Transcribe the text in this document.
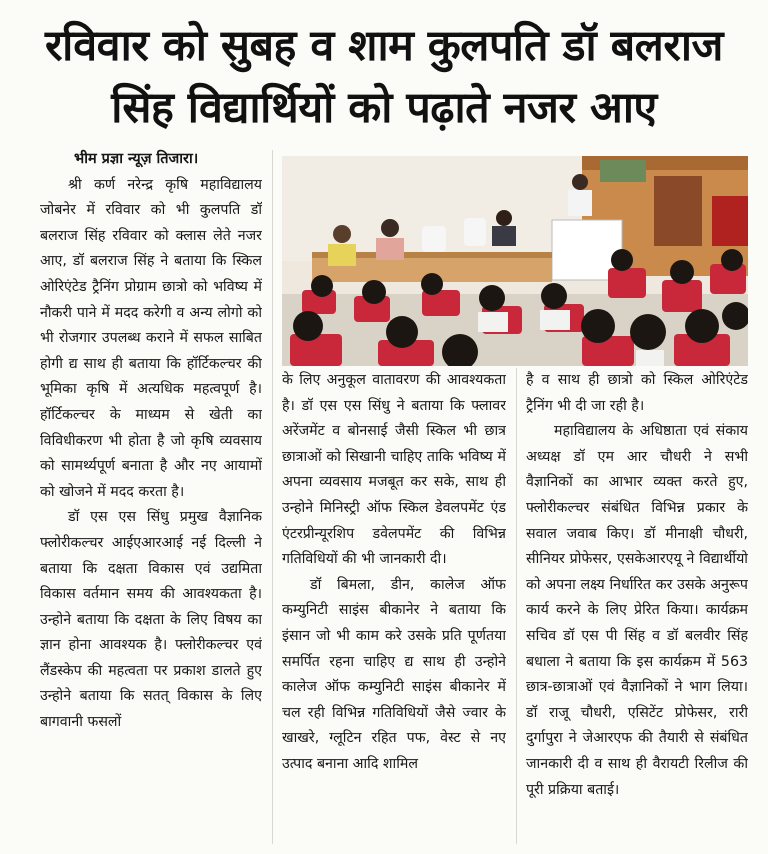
रविवार को सुबह व शाम कुलपति डॉ बलराज
सिंह विद्यार्थियों को पढ़ाते नजर आए
भीम प्रज्ञा न्यूज़ तिजारा।

श्री कर्ण नरेन्द्र कृषि महाविद्यालय जोबनेर में रविवार को भी कुलपति डॉ बलराज सिंह रविवार को क्लास लेते नजर आए, डॉ बलराज सिंह ने बताया कि स्किल ओरिएंटेड ट्रैनिंग प्रोग्राम छात्रो को भविष्य में नौकरी पाने में मदद करेगी व अन्य लोगो को भी रोजगार उपलब्ध कराने में सफल साबित होगी द्य साथ ही बताया कि हॉर्टिकल्चर की भूमिका कृषि में अत्यधिक महत्वपूर्ण है। हॉर्टिकल्चर के माध्यम से खेती का विविधीकरण भी होता है जो कृषि व्यवसाय को सामर्थ्यपूर्ण बनाता है और नए आयामों को खोजने में मदद करता है।

डॉ एस एस सिंधु प्रमुख वैज्ञानिक फ्लोरीकल्चर आईएआरआई नई दिल्ली ने बताया कि दक्षता विकास एवं उद्यमिता विकास वर्तमान समय की आवश्यकता है। उन्होने बताया कि दक्षता के लिए विषय का ज्ञान होना आवश्यक है। फ्लोरीकल्चर एवं लैंडस्केप की महत्वता पर प्रकाश डालते हुए उन्होने बताया कि सतत् विकास के लिए बागवानी फसलों

के लिए अनुकूल वातावरण की आवश्यकता है। डॉ एस एस सिंधु ने बताया कि फ्लावर अरेंजमेंट व बोनसाई जैसी स्किल भी छात्र छात्राओं को सिखानी चाहिए ताकि भविष्य में अपना व्यवसाय मजबूत कर सके, साथ ही उन्होने मिनिस्ट्री ऑफ स्किल डेवलपमेंट एंड एंटरप्रीन्यूरशिप डवेलपमेंट की विभिन्न गतिविधियों की भी जानकारी दी।

डॉ बिमला, डीन, कालेज ऑफ कम्युनिटी साइंस बीकानेर ने बताया कि इंसान जो भी काम करे उसके प्रति पूर्णतया समर्पित रहना चाहिए द्य साथ ही उन्होने कालेज ऑफ कम्युनिटी साइंस बीकानेर में चल रही विभिन्न गतिविधियों जैसे ज्वार के खाखरे, ग्लूटिन रहित पफ, वेस्ट से नए उत्पाद बनाना आदि शामिल

है व साथ ही छात्रो को स्किल ओरिएंटेड ट्रैनिंग भी दी जा रही है।

महाविद्यालय के अधिष्ठाता एवं संकाय अध्यक्ष डॉ एम आर चौधरी ने सभी वैज्ञानिकों का आभार व्यक्त करते हुए, फ्लोरीकल्चर संबंधित विभिन्न प्रकार के सवाल जवाब किए। डॉ मीनाक्षी चौधरी, सीनियर प्रोफेसर, एसकेआरएयू ने विद्यार्थीयो को अपना लक्ष्य निर्धारित कर उसके अनुरूप कार्य करने के लिए प्रेरित किया। कार्यक्रम सचिव डॉ एस पी सिंह व डॉ बलवीर सिंह बधाला ने बताया कि इस कार्यक्रम में 563 छात्र-छात्राओं एवं वैज्ञानिकों ने भाग लिया। डॉ राजू चौधरी, एसिटेंट प्रोफेसर, रारी दुर्गापुरा ने जेआरएफ की तैयारी से संबंधित जानकारी दी व साथ ही वैरायटी रिलीज की पूरी प्रक्रिया बताई।
